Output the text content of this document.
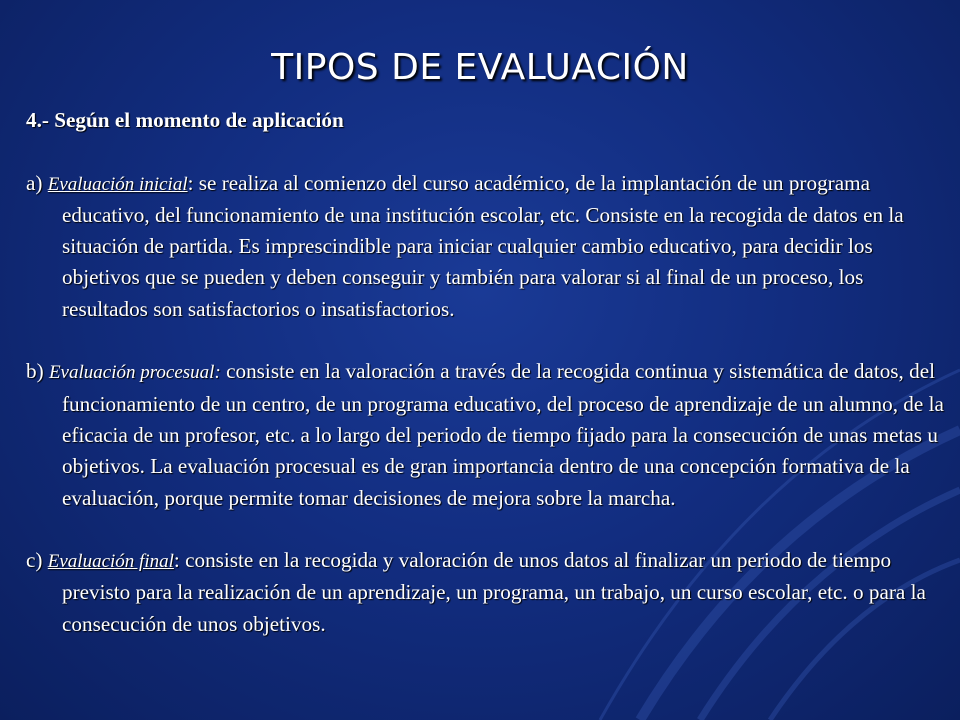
TIPOS DE EVALUACIÓN

4.- Según el momento de aplicación

a) Evaluación inicial: se realiza al comienzo del curso académico, de la implantación de un programa educativo, del funcionamiento de una institución escolar, etc. Consiste en la recogida de datos en la situación de partida. Es imprescindible para iniciar cualquier cambio educativo, para decidir los objetivos que se pueden y deben conseguir y también para valorar si al final de un proceso, los resultados son satisfactorios o insatisfactorios.

b) Evaluación procesual: consiste en la valoración a través de la recogida continua y sistemática de datos, del funcionamiento de un centro, de un programa educativo, del proceso de aprendizaje de un alumno, de la eficacia de un profesor, etc. a lo largo del periodo de tiempo fijado para la consecución de unas metas u objetivos. La evaluación procesual es de gran importancia dentro de una concepción formativa de la evaluación, porque permite tomar decisiones de mejora sobre la marcha.

c) Evaluación final: consiste en la recogida y valoración de unos datos al finalizar un periodo de tiempo previsto para la realización de un aprendizaje, un programa, un trabajo, un curso escolar, etc. o para la consecución de unos objetivos.
